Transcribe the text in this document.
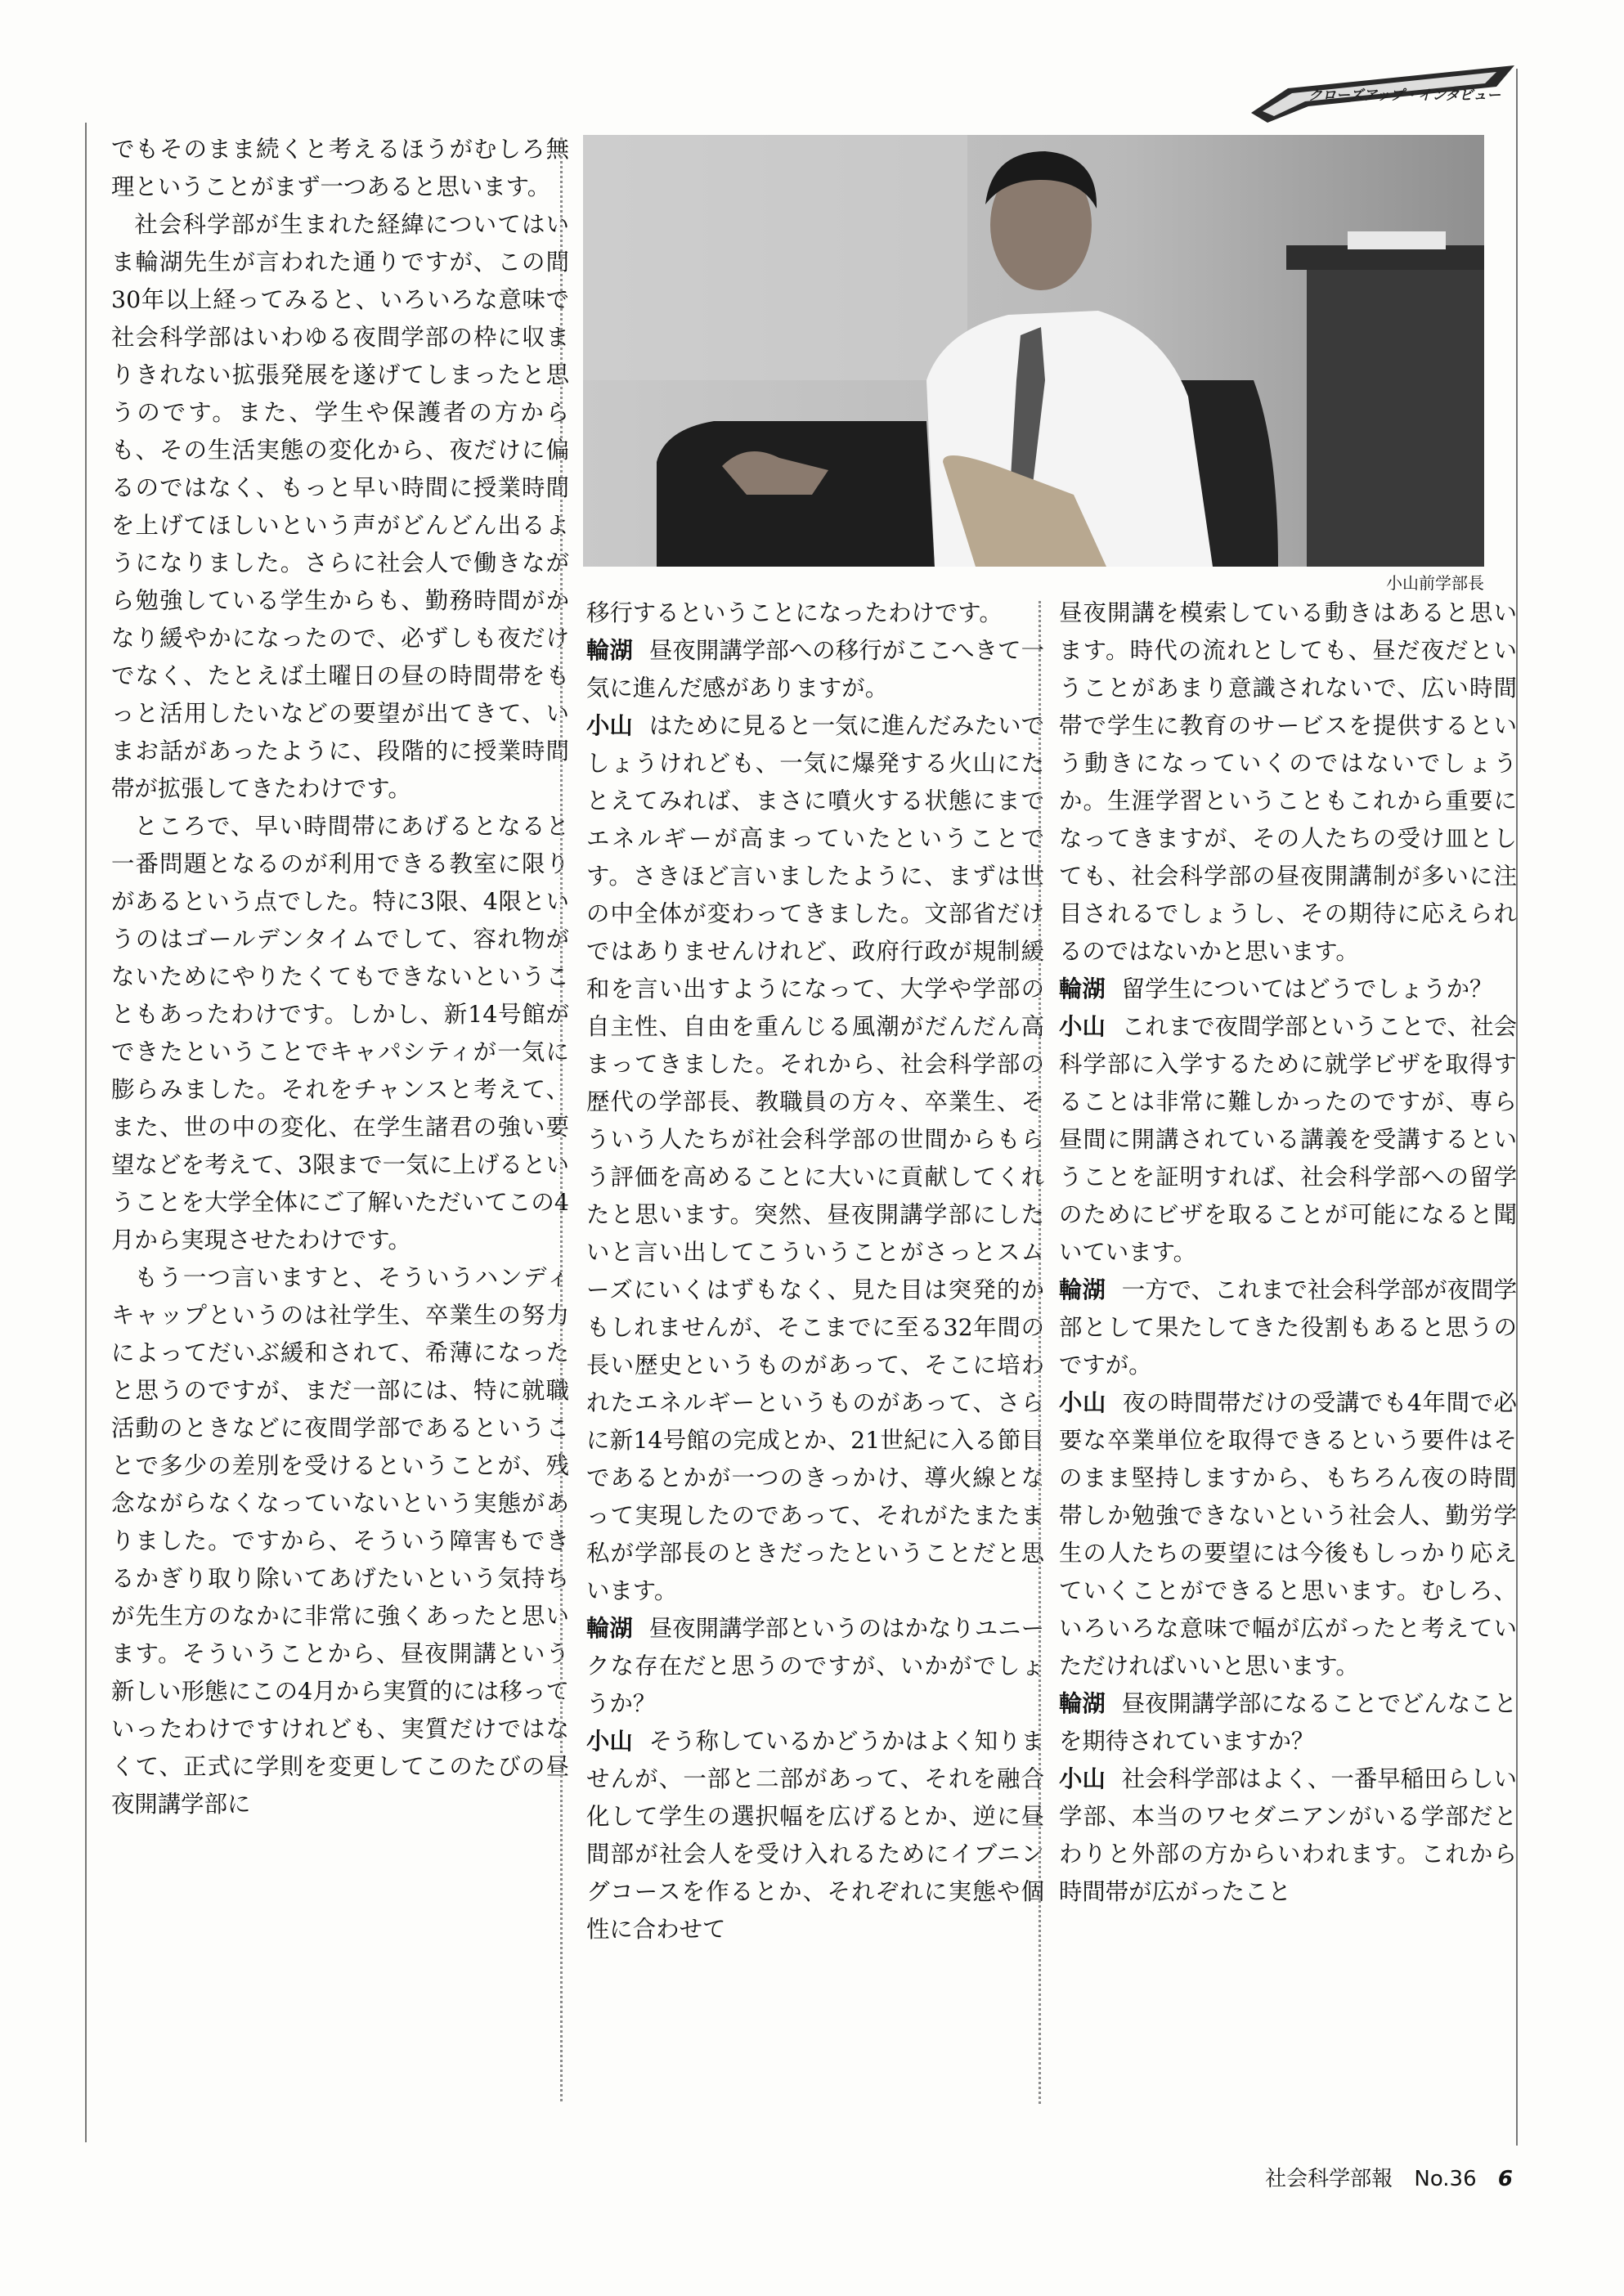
クローズアップ・インタビュー

でもそのまま続くと考えるほうがむしろ無理ということがまず一つあると思います。

社会科学部が生まれた経緯についてはいま輪湖先生が言われた通りですが、この間30年以上経ってみると、いろいろな意味で社会科学部はいわゆる夜間学部の枠に収まりきれない拡張発展を遂げてしまったと思うのです。また、学生や保護者の方からも、その生活実態の変化から、夜だけに偏るのではなく、もっと早い時間に授業時間を上げてほしいという声がどんどん出るようになりました。さらに社会人で働きながら勉強している学生からも、勤務時間がかなり緩やかになったので、必ずしも夜だけでなく、たとえば土曜日の昼の時間帯をもっと活用したいなどの要望が出てきて、いまお話があったように、段階的に授業時間帯が拡張してきたわけです。

ところで、早い時間帯にあげるとなると一番問題となるのが利用できる教室に限りがあるという点でした。特に3限、4限というのはゴールデンタイムでして、容れ物がないためにやりたくてもできないということもあったわけです。しかし、新14号館ができたということでキャパシティが一気に膨らみました。それをチャンスと考えて、また、世の中の変化、在学生諸君の強い要望などを考えて、3限まで一気に上げるということを大学全体にご了解いただいてこの4月から実現させたわけです。

もう一つ言いますと、そういうハンディキャップというのは社学生、卒業生の努力によってだいぶ緩和されて、希薄になったと思うのですが、まだ一部には、特に就職活動のときなどに夜間学部であるということで多少の差別を受けるということが、残念ながらなくなっていないという実態がありました。ですから、そういう障害もできるかぎり取り除いてあげたいという気持ちが先生方のなかに非常に強くあったと思います。そういうことから、昼夜開講という新しい形態にこの4月から実質的には移っていったわけですけれども、実質だけではなくて、正式に学則を変更してこのたびの昼夜開講学部に

小山前学部長

移行するということになったわけです。

輪湖 昼夜開講学部への移行がここへきて一気に進んだ感がありますが。

小山 はために見ると一気に進んだみたいでしょうけれども、一気に爆発する火山にたとえてみれば、まさに噴火する状態にまでエネルギーが高まっていたということです。さきほど言いましたように、まずは世の中全体が変わってきました。文部省だけではありませんけれど、政府行政が規制緩和を言い出すようになって、大学や学部の自主性、自由を重んじる風潮がだんだん高まってきました。それから、社会科学部の歴代の学部長、教職員の方々、卒業生、そういう人たちが社会科学部の世間からもらう評価を高めることに大いに貢献してくれたと思います。突然、昼夜開講学部にしたいと言い出してこういうことがさっとスムーズにいくはずもなく、見た目は突発的かもしれませんが、そこまでに至る32年間の長い歴史というものがあって、そこに培われたエネルギーというものがあって、さらに新14号館の完成とか、21世紀に入る節目であるとかが一つのきっかけ、導火線となって実現したのであって、それがたまたま私が学部長のときだったということだと思います。

輪湖 昼夜開講学部というのはかなりユニークな存在だと思うのですが、いかがでしょうか？

小山 そう称しているかどうかはよく知りませんが、一部と二部があって、それを融合化して学生の選択幅を広げるとか、逆に昼間部が社会人を受け入れるためにイブニングコースを作るとか、それぞれに実態や個性に合わせて

昼夜開講を模索している動きはあると思います。時代の流れとしても、昼だ夜だということがあまり意識されないで、広い時間帯で学生に教育のサービスを提供するという動きになっていくのではないでしょうか。生涯学習ということもこれから重要になってきますが、その人たちの受け皿としても、社会科学部の昼夜開講制が多いに注目されるでしょうし、その期待に応えられるのではないかと思います。

輪湖 留学生についてはどうでしょうか？

小山 これまで夜間学部ということで、社会科学部に入学するために就学ビザを取得することは非常に難しかったのですが、専ら昼間に開講されている講義を受講するということを証明すれば、社会科学部への留学のためにビザを取ることが可能になると聞いています。

輪湖 一方で、これまで社会科学部が夜間学部として果たしてきた役割もあると思うのですが。

小山 夜の時間帯だけの受講でも4年間で必要な卒業単位を取得できるという要件はそのまま堅持しますから、もちろん夜の時間帯しか勉強できないという社会人、勤労学生の人たちの要望には今後もしっかり応えていくことができると思います。むしろ、いろいろな意味で幅が広がったと考えていただければいいと思います。

輪湖 昼夜開講学部になることでどんなことを期待されていますか？

小山 社会科学部はよく、一番早稲田らしい学部、本当のワセダニアンがいる学部だとわりと外部の方からいわれます。これから時間帯が広がったこと

社会科学部報 No.36 6
